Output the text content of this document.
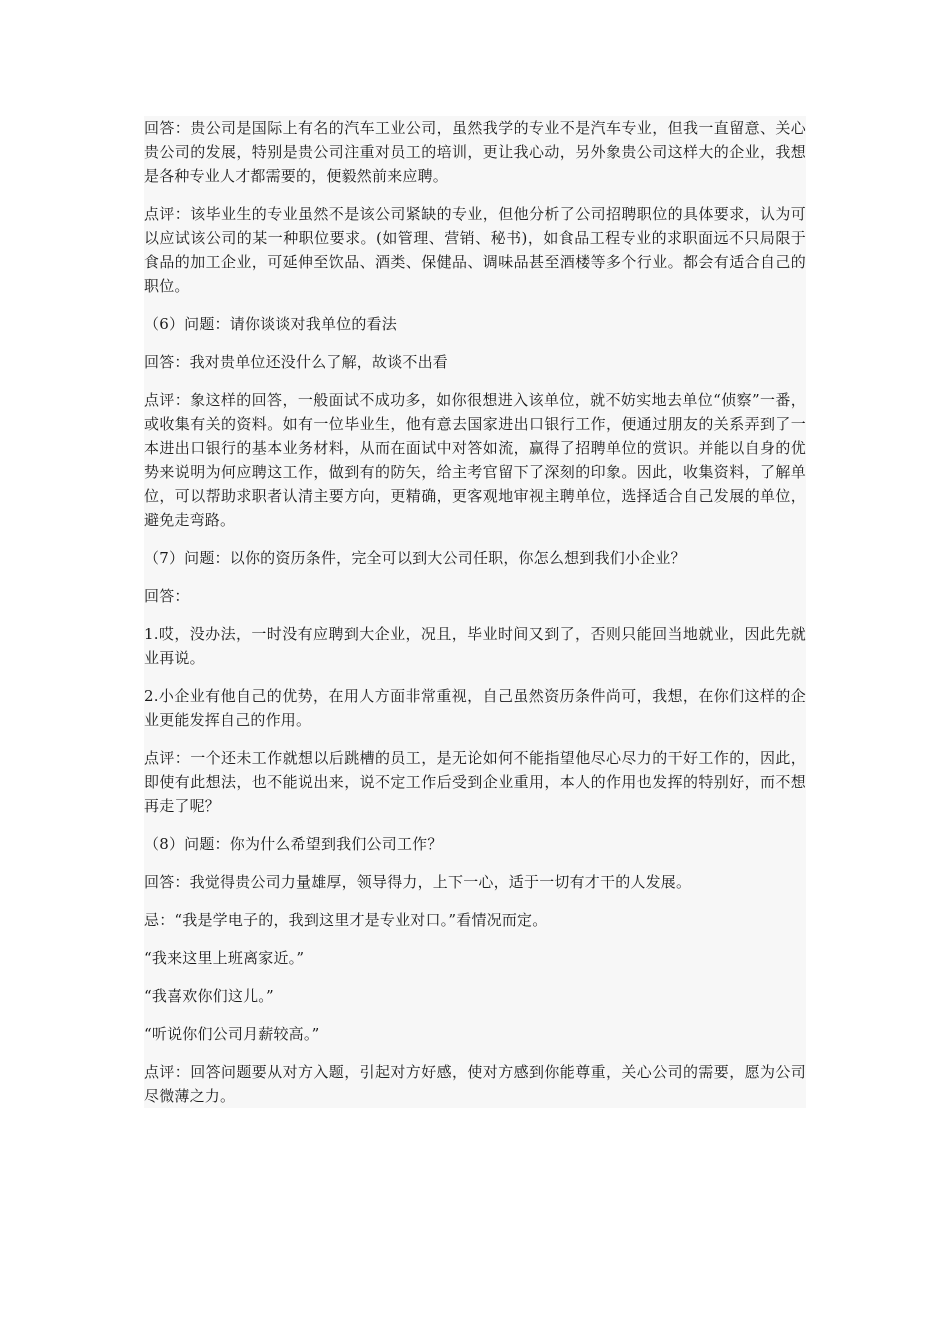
回答：贵公司是国际上有名的汽车工业公司，虽然我学的专业不是汽车专业，但我一直留意、关心贵公司的发展，特别是贵公司注重对员工的培训，更让我心动，另外象贵公司这样大的企业，我想是各种专业人才都需要的，便毅然前来应聘。

点评：该毕业生的专业虽然不是该公司紧缺的专业，但他分析了公司招聘职位的具体要求，认为可以应试该公司的某一种职位要求。(如管理、营销、秘书)，如食品工程专业的求职面远不只局限于食品的加工企业，可延伸至饮品、酒类、保健品、调味品甚至酒楼等多个行业。都会有适合自己的职位。

（6）问题：请你谈谈对我单位的看法

回答：我对贵单位还没什么了解，故谈不出看

点评：象这样的回答，一般面试不成功多，如你很想进入该单位，就不妨实地去单位“侦察”一番，或收集有关的资料。如有一位毕业生，他有意去国家进出口银行工作，便通过朋友的关系弄到了一本进出口银行的基本业务材料，从而在面试中对答如流，赢得了招聘单位的赏识。并能以自身的优势来说明为何应聘这工作，做到有的防矢，给主考官留下了深刻的印象。因此，收集资料，了解单位，可以帮助求职者认清主要方向，更精确，更客观地审视主聘单位，选择适合自己发展的单位，避免走弯路。

（7）问题：以你的资历条件，完全可以到大公司任职，你怎么想到我们小企业？

回答：

1.哎，没办法，一时没有应聘到大企业，况且，毕业时间又到了，否则只能回当地就业，因此先就业再说。

2.小企业有他自己的优势，在用人方面非常重视，自己虽然资历条件尚可，我想，在你们这样的企业更能发挥自己的作用。

点评：一个还未工作就想以后跳槽的员工，是无论如何不能指望他尽心尽力的干好工作的，因此，即使有此想法，也不能说出来，说不定工作后受到企业重用，本人的作用也发挥的特别好，而不想再走了呢？

（8）问题：你为什么希望到我们公司工作？

回答：我觉得贵公司力量雄厚，领导得力，上下一心，适于一切有才干的人发展。

忌：“我是学电子的，我到这里才是专业对口。”看情况而定。

“我来这里上班离家近。”

“我喜欢你们这儿。”

“听说你们公司月薪较高。”

点评：回答问题要从对方入题，引起对方好感，使对方感到你能尊重，关心公司的需要，愿为公司尽微薄之力。
